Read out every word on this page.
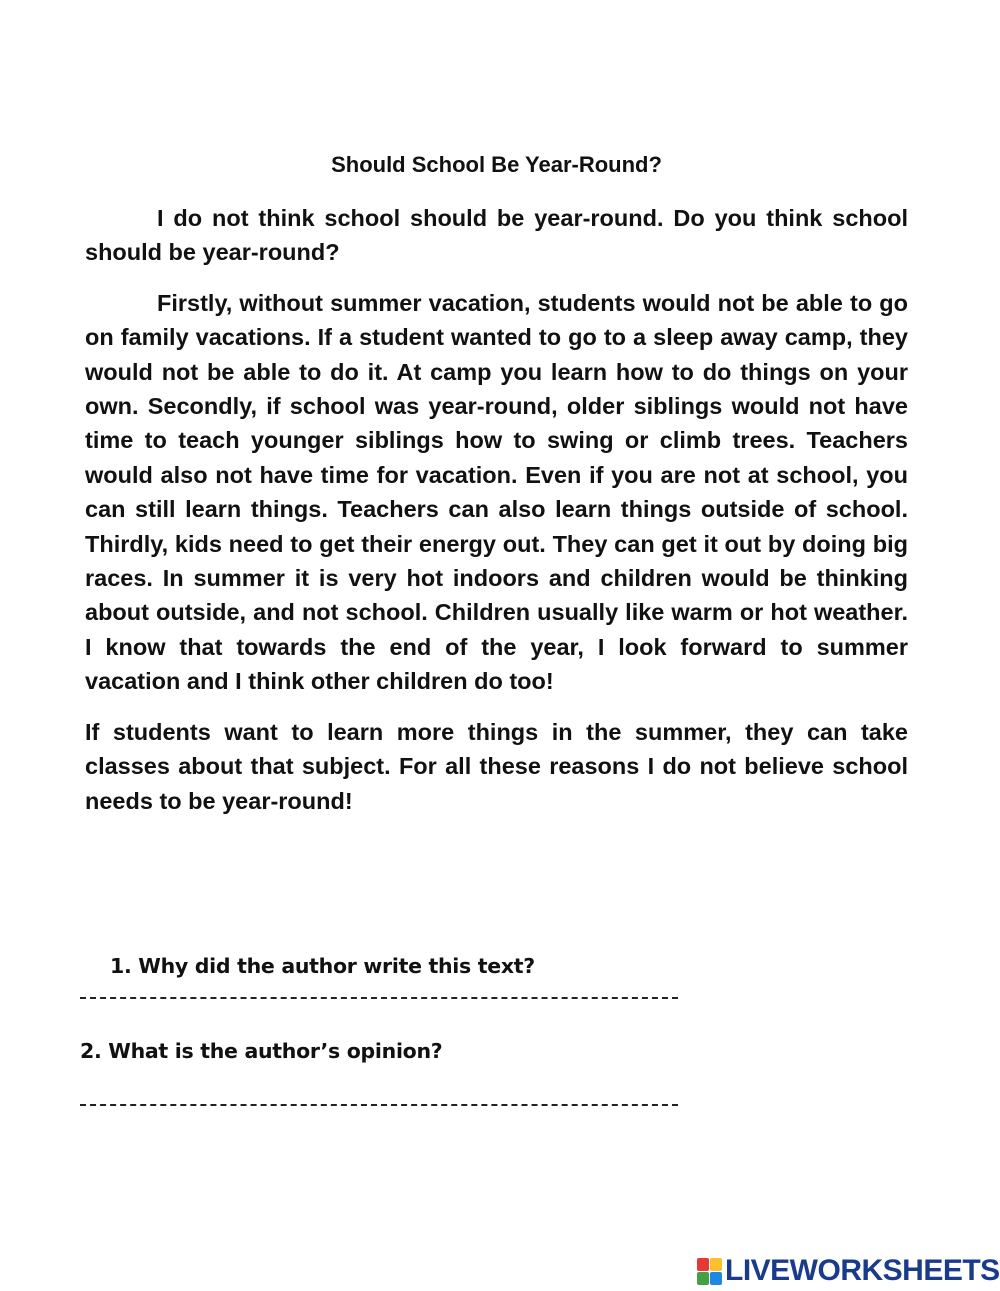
Should School Be Year-Round?

I do not think school should be year-round. Do you think school should be year-round?

Firstly, without summer vacation, students would not be able to go on family vacations. If a student wanted to go to a sleep away camp, they would not be able to do it. At camp you learn how to do things on your own. Secondly, if school was year-round, older siblings would not have time to teach younger siblings how to swing or climb trees. Teachers would also not have time for vacation. Even if you are not at school, you can still learn things. Teachers can also learn things outside of school. Thirdly, kids need to get their energy out. They can get it out by doing big races. In summer it is very hot indoors and children would be thinking about outside, and not school. Children usually like warm or hot weather. I know that towards the end of the year, I look forward to summer vacation and I think other children do too!

If students want to learn more things in the summer, they can take classes about that subject. For all these reasons I do not believe school needs to be year-round!

1. Why did the author write this text?
2. What is the author’s opinion?
LIVEWORKSHEETS
